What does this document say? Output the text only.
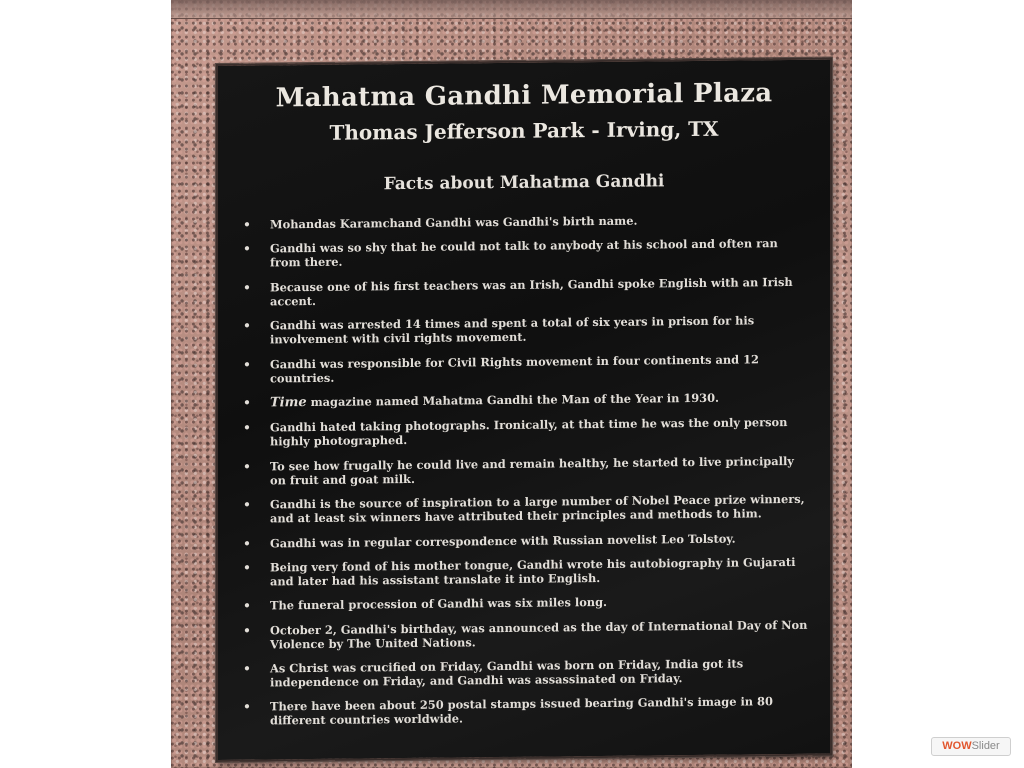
Mahatma Gandhi Memorial Plaza
Thomas Jefferson Park - Irving, TX
Facts about Mahatma Gandhi
• Mohandas Karamchand Gandhi was Gandhi's birth name.
• Gandhi was so shy that he could not talk to anybody at his school and often ran from there.
• Because one of his first teachers was an Irish, Gandhi spoke English with an Irish accent.
• Gandhi was arrested 14 times and spent a total of six years in prison for his involvement with civil rights movement.
• Gandhi was responsible for Civil Rights movement in four continents and 12 countries.
• Time magazine named Mahatma Gandhi the Man of the Year in 1930.
• Gandhi hated taking photographs. Ironically, at that time he was the only person highly photographed.
• To see how frugally he could live and remain healthy, he started to live principally on fruit and goat milk.
• Gandhi is the source of inspiration to a large number of Nobel Peace prize winners, and at least six winners have attributed their principles and methods to him.
• Gandhi was in regular correspondence with Russian novelist Leo Tolstoy.
• Being very fond of his mother tongue, Gandhi wrote his autobiography in Gujarati and later had his assistant translate it into English.
• The funeral procession of Gandhi was six miles long.
• October 2, Gandhi's birthday, was announced as the day of International Day of Non Violence by The United Nations.
• As Christ was crucified on Friday, Gandhi was born on Friday, India got its independence on Friday, and Gandhi was assassinated on Friday.
• There have been about 250 postal stamps issued bearing Gandhi's image in 80 different countries worldwide.
WOWSlider
